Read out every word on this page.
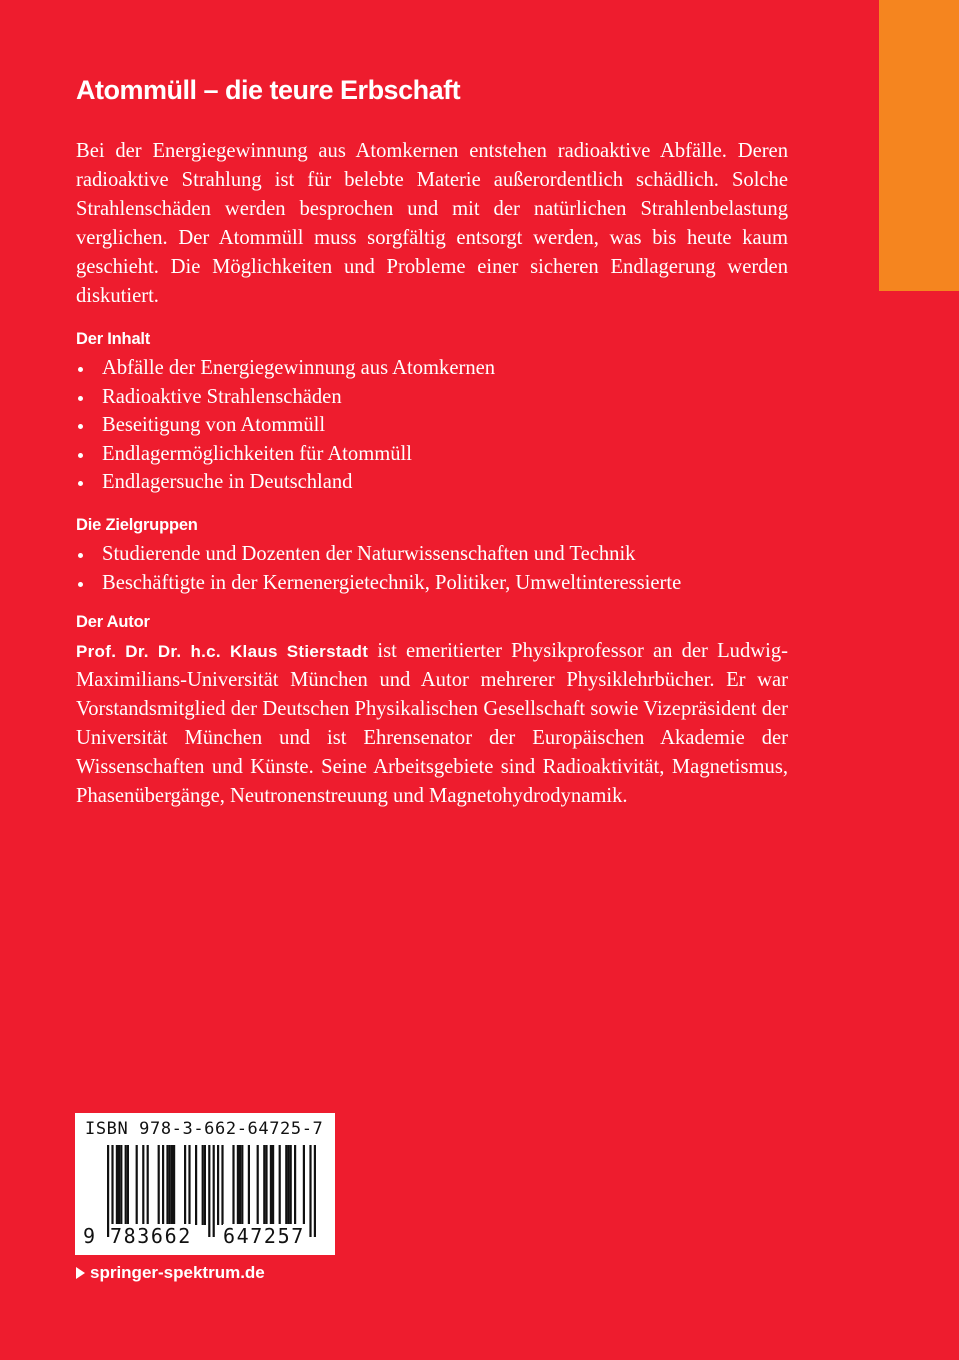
Atommüll – die teure Erbschaft

Bei der Energiegewinnung aus Atomkernen entstehen radioaktive Abfälle. Deren radioaktive Strahlung ist für belebte Materie außerordentlich schädlich. Solche Strahlenschäden werden besprochen und mit der natürlichen Strahlenbelastung verglichen. Der Atommüll muss sorgfältig entsorgt werden, was bis heute kaum geschieht. Die Möglichkeiten und Probleme einer sicheren Endlagerung werden diskutiert.

Der Inhalt
Abfälle der Energiegewinnung aus Atomkernen
Radioaktive Strahlenschäden
Beseitigung von Atommüll
Endlagermöglichkeiten für Atommüll
Endlagersuche in Deutschland
Die Zielgruppen
Studierende und Dozenten der Naturwissenschaften und Technik
Beschäftigte in der Kernenergietechnik, Politiker, Umweltinteressierte
Der Autor

Prof. Dr. Dr. h.c. Klaus Stierstadt ist emeritierter Physikprofessor an der Ludwig-Maximilians-Universität München und Autor mehrerer Physiklehrbücher. Er war Vorstandsmitglied der Deutschen Physikalischen Gesellschaft sowie Vizepräsident der Universität München und ist Ehrensenator der Europäischen Akademie der Wissenschaften und Künste. Seine Arbeitsgebiete sind Radioaktivität, Magnetismus, Phasenübergänge, Neutronenstreuung und Magnetohydrodynamik.

ISBN 978-3-662-64725-7
9 783662 647257
springer-spektrum.de
